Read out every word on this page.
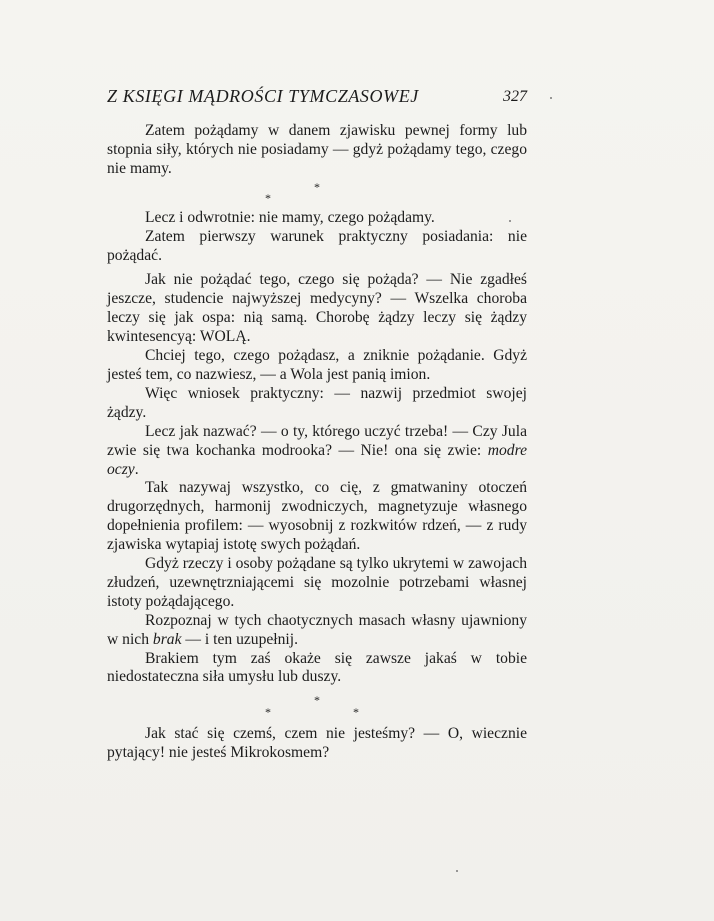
Z KSIĘGI MĄDROŚCI TYMCZASOWEJ	327

Zatem pożądamy w danem zjawisku pewnej formy lub stopnia siły, których nie posiadamy — gdyż pożądamy tego, czego nie mamy.

*
*

Lecz i odwrotnie: nie mamy, czego pożądamy.

Zatem pierwszy warunek praktyczny posiadania: nie pożądać.

Jak nie pożądać tego, czego się pożąda? — Nie zgadłeś jeszcze, studencie najwyższej medycyny? — Wszelka choroba leczy się jak ospa: nią samą. Chorobę żądzy leczy się żądzy kwintesencyą: WOLĄ.

Chciej tego, czego pożądasz, a zniknie pożądanie. Gdyż jesteś tem, co nazwiesz, — a Wola jest panią imion.

Więc wniosek praktyczny: — nazwij przedmiot swojej żądzy.

Lecz jak nazwać? — o ty, którego uczyć trzeba! — Czy Jula zwie się twa kochanka modrooka? — Nie! ona się zwie: modre oczy.

Tak nazywaj wszystko, co cię, z gmatwaniny otoczeń drugorzędnych, harmonij zwodniczych, magnetyzuje własnego dopełnienia profilem: — wyosobnij z rozkwitów rdzeń, — z rudy zjawiska wytapiaj istotę swych pożądań.

Gdyż rzeczy i osoby pożądane są tylko ukrytemi w zawojach złudzeń, uzewnętrzniającemi się mozolnie potrzebami własnej istoty pożądającego.

Rozpoznaj w tych chaotycznych masach własny ujawniony w nich brak — i ten uzupełnij.

Brakiem tym zaś okaże się zawsze jakaś w tobie niedostateczna siła umysłu lub duszy.

*
*
*

Jak stać się czemś, czem nie jesteśmy? — O, wiecznie pytający! nie jesteś Mikrokosmem?
